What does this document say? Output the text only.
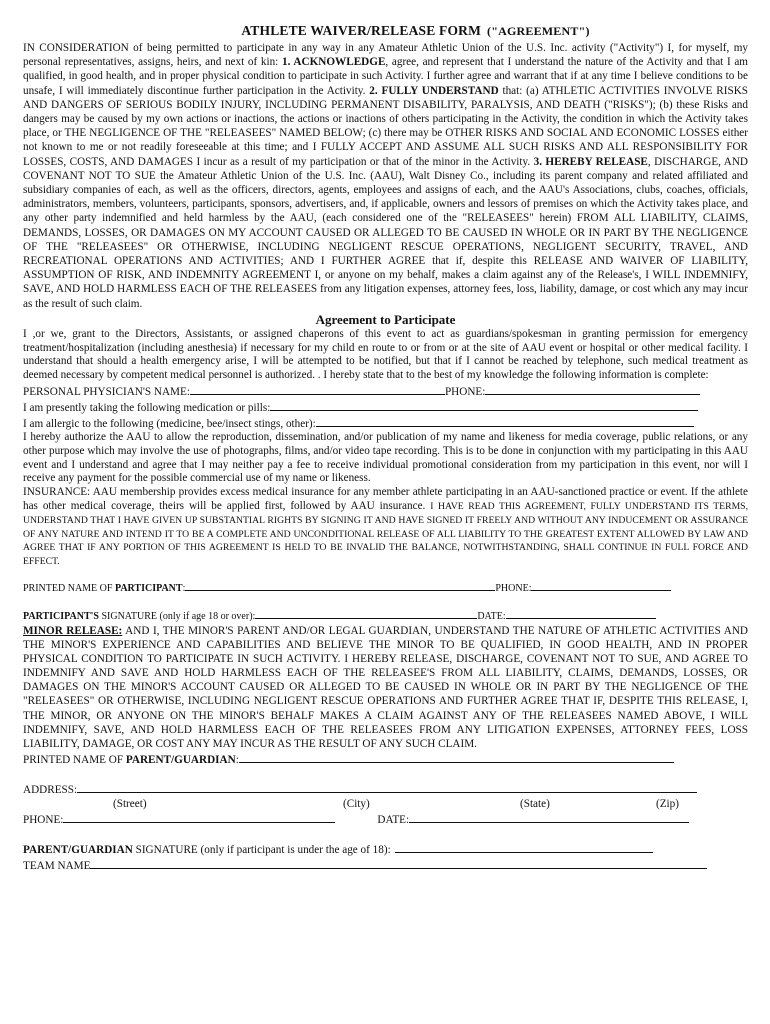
ATHLETE WAIVER/RELEASE FORM ("AGREEMENT")

IN CONSIDERATION of being permitted to participate in any way in any Amateur Athletic Union of the U.S. Inc. activity ("Activity") I, for myself, my personal representatives, assigns, heirs, and next of kin: 1. ACKNOWLEDGE, agree, and represent that I understand the nature of the Activity and that I am qualified, in good health, and in proper physical condition to participate in such Activity. I further agree and warrant that if at any time I believe conditions to be unsafe, I will immediately discontinue further participation in the Activity. 2. FULLY UNDERSTAND that: (a) ATHLETIC ACTIVITIES INVOLVE RISKS AND DANGERS OF SERIOUS BODILY INJURY, INCLUDING PERMANENT DISABILITY, PARALYSIS, AND DEATH ("RISKS"); (b) these Risks and dangers may be caused by my own actions or inactions, the actions or inactions of others participating in the Activity, the condition in which the Activity takes place, or THE NEGLIGENCE OF THE "RELEASEES" NAMED BELOW; (c) there may be OTHER RISKS AND SOCIAL AND ECONOMIC LOSSES either not known to me or not readily foreseeable at this time; and I FULLY ACCEPT AND ASSUME ALL SUCH RISKS AND ALL RESPONSIBILITY FOR LOSSES, COSTS, AND DAMAGES I incur as a result of my participation or that of the minor in the Activity. 3. HEREBY RELEASE, DISCHARGE, AND COVENANT NOT TO SUE the Amateur Athletic Union of the U.S. Inc. (AAU), Walt Disney Co., including its parent company and related affiliated and subsidiary companies of each, as well as the officers, directors, agents, employees and assigns of each, and the AAU's Associations, clubs, coaches, officials, administrators, members, volunteers, participants, sponsors, advertisers, and, if applicable, owners and lessors of premises on which the Activity takes place, and any other party indemnified and held harmless by the AAU, (each considered one of the "RELEASEES" herein) FROM ALL LIABILITY, CLAIMS, DEMANDS, LOSSES, OR DAMAGES ON MY ACCOUNT CAUSED OR ALLEGED TO BE CAUSED IN WHOLE OR IN PART BY THE NEGLIGENCE OF THE "RELEASEES" OR OTHERWISE, INCLUDING NEGLIGENT RESCUE OPERATIONS, NEGLIGENT SECURITY, TRAVEL, AND RECREATIONAL OPERATIONS AND ACTIVITIES; AND I FURTHER AGREE that if, despite this RELEASE AND WAIVER OF LIABILITY, ASSUMPTION OF RISK, AND INDEMNITY AGREEMENT I, or anyone on my behalf, makes a claim against any of the Release's, I WILL INDEMNIFY, SAVE, AND HOLD HARMLESS EACH OF THE RELEASEES from any litigation expenses, attorney fees, loss, liability, damage, or cost which any may incur as the result of such claim.

Agreement to Participate

I ,or we, grant to the Directors, Assistants, or assigned chaperons of this event to act as guardians/spokesman in granting permission for emergency treatment/hospitalization (including anesthesia) if necessary for my child en route to or from or at the site of AAU event or hospital or other medical facility. I understand that should a health emergency arise, I will be attempted to be notified, but that if I cannot be reached by telephone, such medical treatment as deemed necessary by competent medical personnel is authorized. . I hereby state that to the best of my knowledge the following information is complete:

PERSONAL PHYSICIAN'S NAME:	PHONE:
I am presently taking the following medication or pills:
I am allergic to the following (medicine, bee/insect stings, other):

I hereby authorize the AAU to allow the reproduction, dissemination, and/or publication of my name and likeness for media coverage, public relations, or any other purpose which may involve the use of photographs, films, and/or video tape recording. This is to be done in conjunction with my participating in this AAU event and I understand and agree that I may neither pay a fee to receive individual promotional consideration from my participation in this event, nor will I receive any payment for the possible commercial use of my name or likeness.

INSURANCE: AAU membership provides excess medical insurance for any member athlete participating in an AAU-sanctioned practice or event. If the athlete has other medical coverage, theirs will be applied first, followed by AAU insurance. I HAVE READ THIS AGREEMENT, FULLY UNDERSTAND ITS TERMS, UNDERSTAND THAT I HAVE GIVEN UP SUBSTANTIAL RIGHTS BY SIGNING IT AND HAVE SIGNED IT FREELY AND WITHOUT ANY INDUCEMENT OR ASSURANCE OF ANY NATURE AND INTEND IT TO BE A COMPLETE AND UNCONDITIONAL RELEASE OF ALL LIABILITY TO THE GREATEST EXTENT ALLOWED BY LAW AND AGREE THAT IF ANY PORTION OF THIS AGREEMENT IS HELD TO BE INVALID THE BALANCE, NOTWITHSTANDING, SHALL CONTINUE IN FULL FORCE AND EFFECT.

PRINTED NAME OF PARTICIPANT:	PHONE:
PARTICIPANT'S SIGNATURE (only if age 18 or over):	DATE:

MINOR RELEASE: AND I, THE MINOR'S PARENT AND/OR LEGAL GUARDIAN, UNDERSTAND THE NATURE OF ATHLETIC ACTIVITIES AND THE MINOR'S EXPERIENCE AND CAPABILITIES AND BELIEVE THE MINOR TO BE QUALIFIED, IN GOOD HEALTH, AND IN PROPER PHYSICAL CONDITION TO PARTICIPATE IN SUCH ACTIVITY. I HEREBY RELEASE, DISCHARGE, COVENANT NOT TO SUE, AND AGREE TO INDEMNIFY AND SAVE AND HOLD HARMLESS EACH OF THE RELEASEE'S FROM ALL LIABILITY, CLAIMS, DEMANDS, LOSSES, OR DAMAGES ON THE MINOR'S ACCOUNT CAUSED OR ALLEGED TO BE CAUSED IN WHOLE OR IN PART BY THE NEGLIGENCE OF THE "RELEASEES" OR OTHERWISE, INCLUDING NEGLIGENT RESCUE OPERATIONS AND FURTHER AGREE THAT IF, DESPITE THIS RELEASE, I, THE MINOR, OR ANYONE ON THE MINOR'S BEHALF MAKES A CLAIM AGAINST ANY OF THE RELEASEES NAMED ABOVE, I WILL INDEMNIFY, SAVE, AND HOLD HARMLESS EACH OF THE RELEASEES FROM ANY LITIGATION EXPENSES, ATTORNEY FEES, LOSS LIABILITY, DAMAGE, OR COST ANY MAY INCUR AS THE RESULT OF ANY SUCH CLAIM.

PRINTED NAME OF PARENT/GUARDIAN:
ADDRESS:
(Street)	(City)	(State)	(Zip)
PHONE:	DATE:
PARENT/GUARDIAN SIGNATURE (only if participant is under the age of 18):
TEAM NAME
